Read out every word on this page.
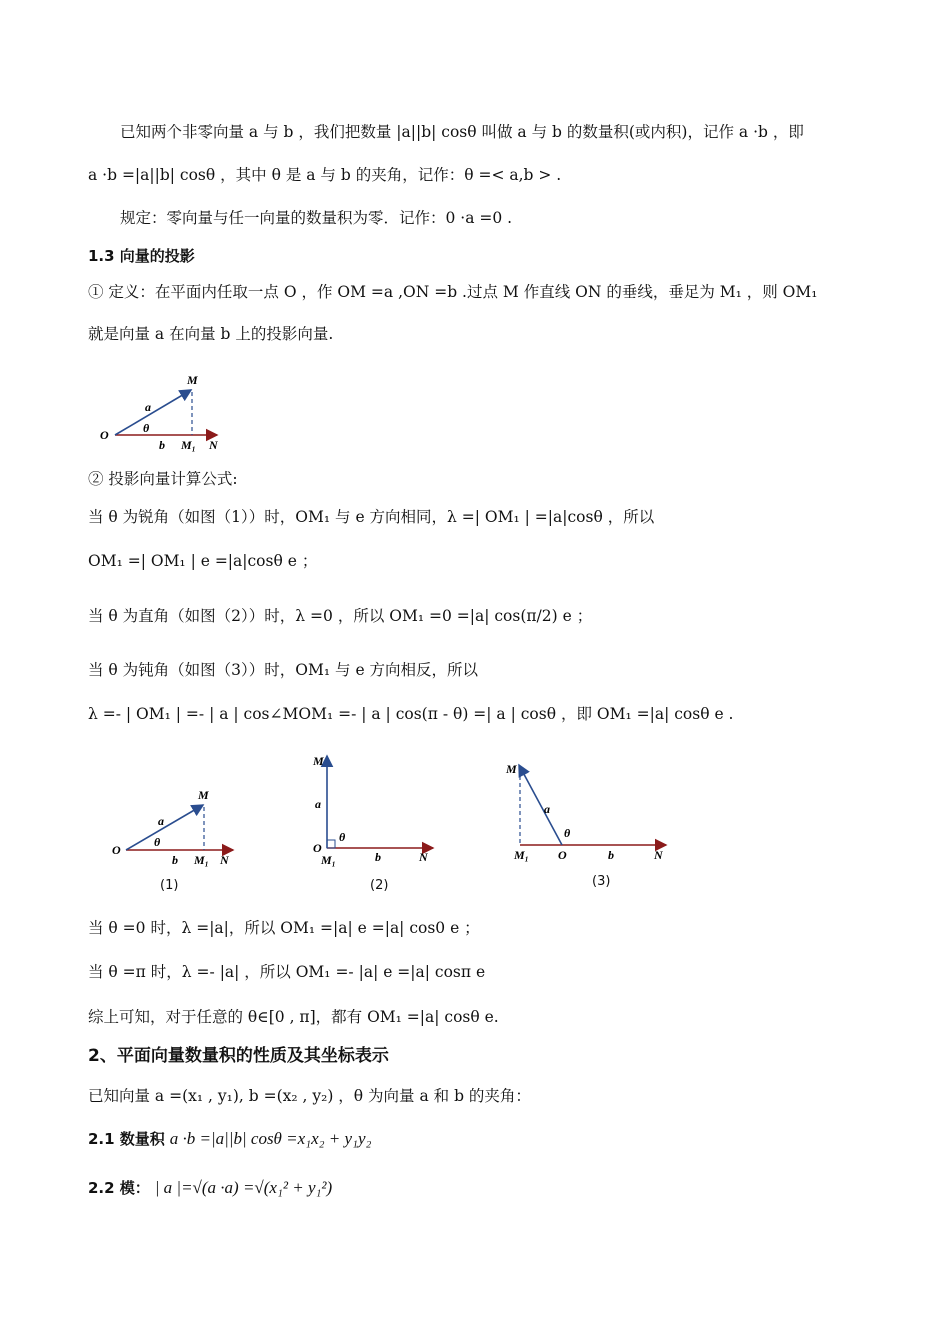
已知两个非零向量 a 与 b ，我们把数量 |a||b| cosθ 叫做 a 与 b 的数量积(或内积)，记作 a ·b ，即
a ·b =|a||b| cosθ ，其中 θ 是 a 与 b 的夹角，记作：θ =< a,b > .
规定：零向量与任一向量的数量积为零．记作：0 ·a =0 .
1.3 向量的投影
① 定义：在平面内任取一点 O ，作 OM =a ,ON =b .过点 M 作直线 ON 的垂线，垂足为 M₁ ，则 OM₁
就是向量 a 在向量 b 上的投影向量.
O
M
a
θ
b M₁ N
② 投影向量计算公式:
当 θ 为锐角（如图（1））时，OM₁ 与 e 方向相同，λ =| OM₁ | =|a|cosθ ，所以
OM₁ =| OM₁ | e =|a|cosθ e ；
当 θ 为直角（如图（2））时，λ =0 ，所以 OM₁ =0 =|a| cos(π/2) e ；
当 θ 为钝角（如图（3））时，OM₁ 与 e 方向相反，所以
λ =- | OM₁ | =- | a | cos∠MOM₁ =- | a | cos(π - θ) =| a | cosθ ，即 OM₁ =|a| cosθ e .
O
M
a
θ
b M₁ N
(1)
M
a
θ
O
M₁	b	N
(2)
M
a
θ
M₁ O	b	N
(3)
当 θ =0 时，λ =|a|，所以 OM₁ =|a| e =|a| cos0 e ；
当 θ =π 时，λ =- |a| ，所以 OM₁ =- |a| e =|a| cosπ e
综上可知，对于任意的 θ∈[0 , π]，都有 OM₁ =|a| cosθ e.
2、平面向量数量积的性质及其坐标表示
已知向量 a =(x₁ , y₁), b =(x₂ , y₂) ，θ 为向量 a 和 b 的夹角：
2.1 数量积 a ·b =|a||b| cosθ =x₁x₂ + y₁y₂
2.2 模： | a |=√(a ·a) =√(x₁² + y₁²)
